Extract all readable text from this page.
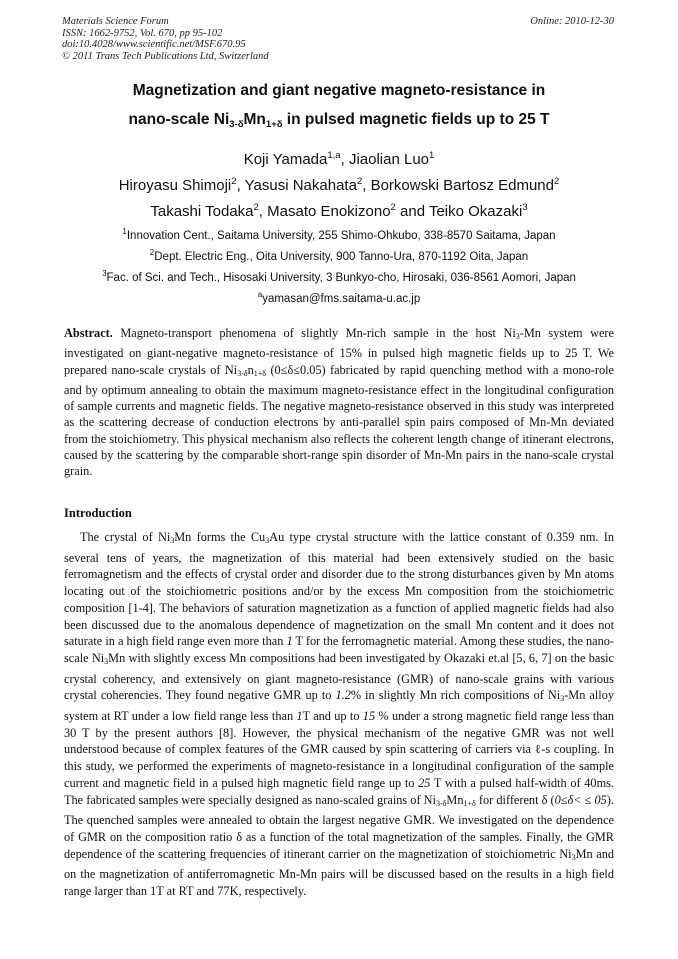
Materials Science Forum
ISSN: 1662-9752, Vol. 670, pp 95-102
doi:10.4028/www.scientific.net/MSF.670.95
© 2011 Trans Tech Publications Ltd, Switzerland
Online: 2010-12-30
Magnetization and giant negative magneto-resistance in
nano-scale $Ni_{3-\delta}Mn_{1+\delta}$ in pulsed magnetic fields up to 25 T
Koji Yamada$^{1,a}$, Jiaolian Luo$^1$
Hiroyasu Shimoji$^2$, Yasusi Nakahata$^2$, Borkowski Bartosz Edmund$^2$
Takashi Todaka$^2$, Masato Enokizono$^2$ and Teiko Okazaki$^3$
$^1$Innovation Cent., Saitama University, 255 Shimo-Ohkubo, 338-8570 Saitama, Japan
$^2$Dept. Electric Eng., Oita University, 900 Tanno-Ura, 870-1192 Oita, Japan
$^3$Fac. of Sci. and Tech., Hisosaki University, 3 Bunkyo-cho, Hirosaki, 036-8561 Aomori, Japan
$^a$yamasan@fms.saitama-u.ac.jp
Abstract. Magneto-transport phenomena of slightly Mn-rich sample in the host $Ni_3-Mn$ system were investigated on giant-negative magneto-resistance of 15% in pulsed high magnetic fields up to 25 T. We prepared nano-scale crystals of $Ni_{3-\delta}n_{1+\delta}$ (0≤δ≤0.05) fabricated by rapid quenching method with a mono-role and by optimum annealing to obtain the maximum magneto-resistance effect in the longitudinal configuration of sample currents and magnetic fields. The negative magneto-resistance observed in this study was interpreted as the scattering decrease of conduction electrons by anti-parallel spin pairs composed of Mn-Mn deviated from the stoichiometry. This physical mechanism also reflects the coherent length change of itinerant electrons, caused by the scattering by the comparable short-range spin disorder of Mn-Mn pairs in the nano-scale crystal grain.
Introduction

The crystal of $Ni_3Mn$ forms the $Cu_3Au$ type crystal structure with the lattice constant of 0.359 nm. In several tens of years, the magnetization of this material had been extensively studied on the basic ferromagnetism and the effects of crystal order and disorder due to the strong disturbances given by Mn atoms locating out of the stoichiometric positions and/or by the excess Mn composition from the stoichiometric composition [1-4]. The behaviors of saturation magnetization as a function of applied magnetic fields had also been discussed due to the anomalous dependence of magnetization on the small Mn content and it does not saturate in a high field range even more than 1 T for the ferromagnetic material. Among these studies, the nano-scale $Ni_3Mn$ with slightly excess Mn compositions had been investigated by Okazaki et.al [5, 6, 7] on the basic crystal coherency, and extensively on giant magneto-resistance (GMR) of nano-scale grains with various crystal coherencies. They found negative GMR up to 1.2% in slightly Mn rich compositions of $Ni_3-Mn$ alloy system at RT under a low field range less than 1T and up to 15 % under a strong magnetic field range less than 30 T by the present authors [8]. However, the physical mechanism of the negative GMR was not well understood because of complex features of the GMR caused by spin scattering of carriers via ℓ-s coupling. In this study, we performed the experiments of magneto-resistance in a longitudinal configuration of the sample current and magnetic field in a pulsed high magnetic field range up to 25 T with a pulsed half-width of 40ms. The fabricated samples were specially designed as nano-scaled grains of $Ni_{3-\delta}Mn_{1+\delta}$ for different δ (0≤δ< ≤ 05). The quenched samples were annealed to obtain the largest negative GMR. We investigated on the dependence of GMR on the composition ratio δ as a function of the total magnetization of the samples. Finally, the GMR dependence of the scattering frequencies of itinerant carrier on the magnetization of stoichiometric $Ni_3Mn$ and on the magnetization of antiferromagnetic Mn-Mn pairs will be discussed based on the results in a high field range larger than 1T at RT and 77K, respectively.
